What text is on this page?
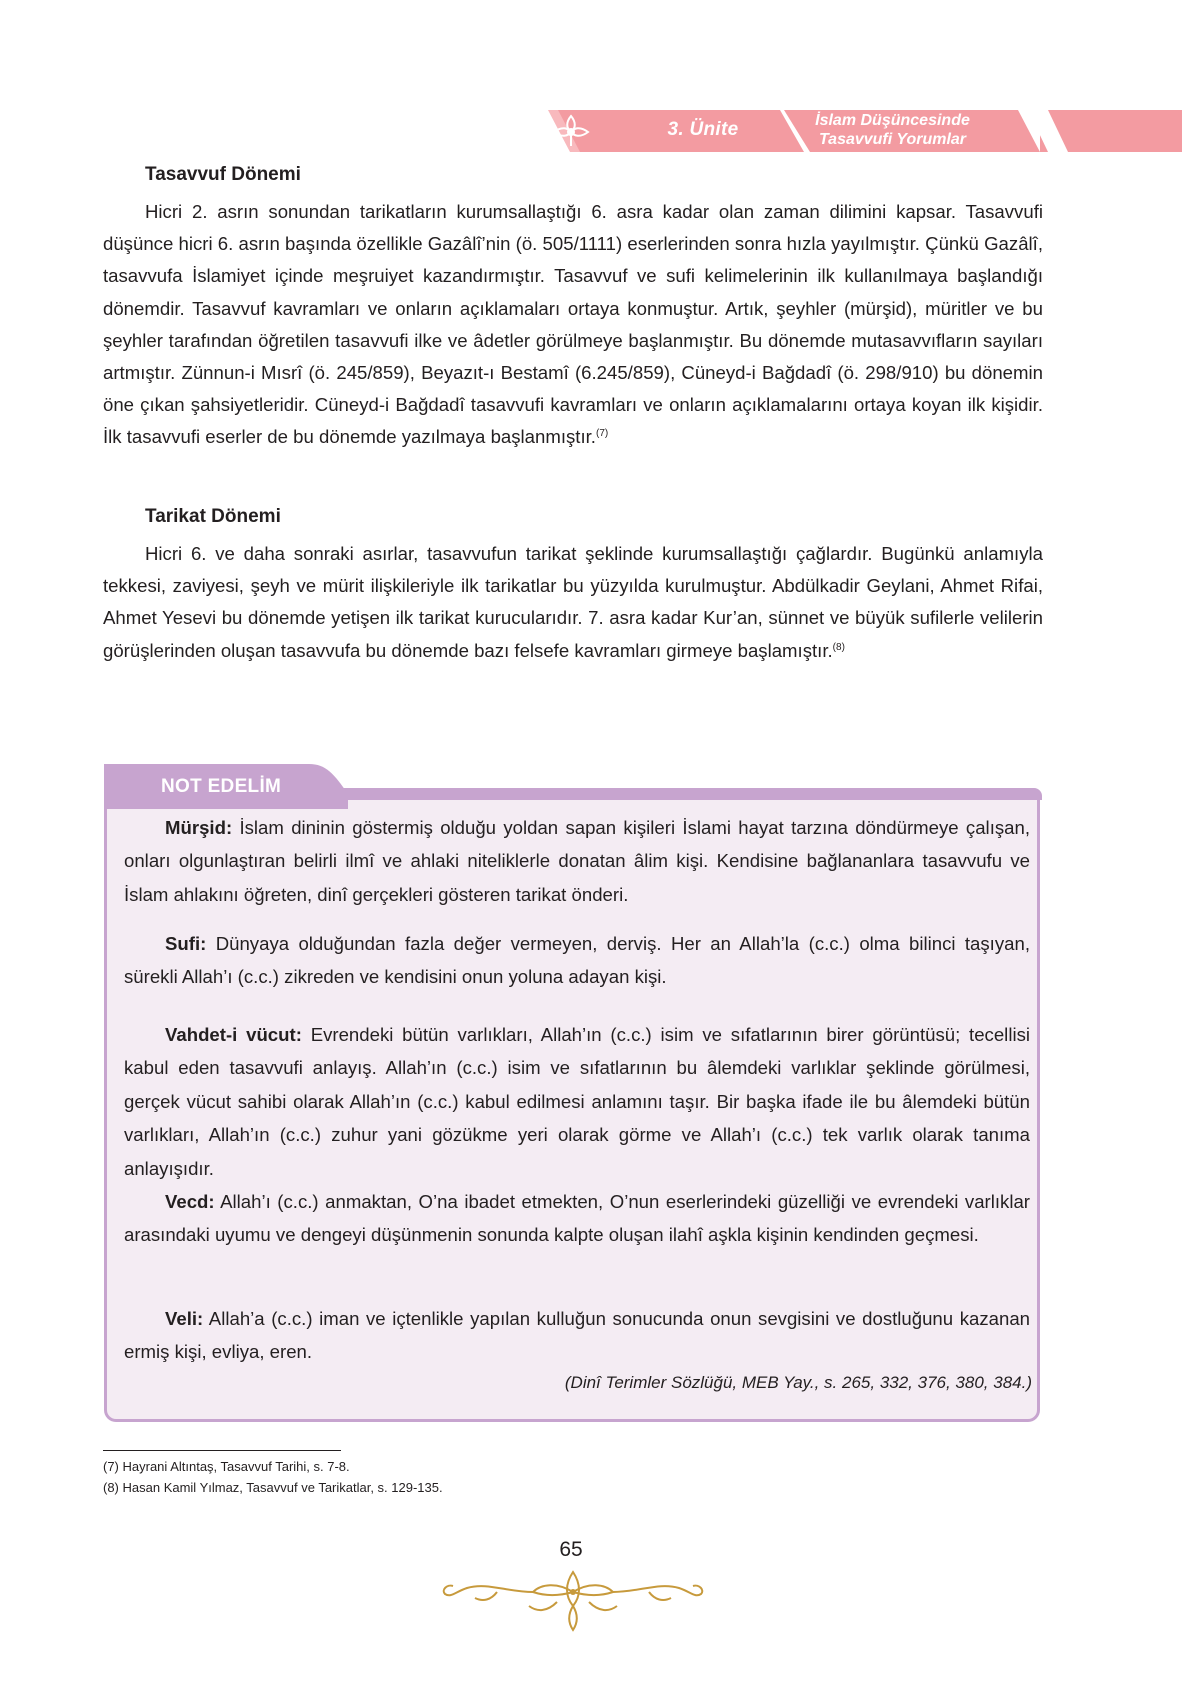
3. Ünite	İslam Düşüncesinde
Tasavvufi Yorumlar
Tasavvuf Dönemi

Hicri 2. asrın sonundan tarikatların kurumsallaştığı 6. asra kadar olan zaman dilimini kapsar. Tasavvufi düşünce hicri 6. asrın başında özellikle Gazâlî’nin (ö. 505/1111) eserlerinden sonra hızla yayılmıştır. Çünkü Gazâlî, tasavvufa İslamiyet içinde meşruiyet kazandırmıştır. Tasavvuf ve sufi kelimelerinin ilk kullanılmaya başlandığı dönemdir. Tasavvuf kavramları ve onların açıklamaları ortaya konmuştur. Artık, şeyhler (mürşid), müritler ve bu şeyhler tarafından öğretilen tasavvufi ilke ve âdetler görülmeye başlanmıştır. Bu dönemde mutasavvıfların sayıları artmıştır. Zünnun-i Mısrî (ö. 245/859), Beyazıt-ı Bestamî (6.245/859), Cüneyd-i Bağdadî (ö. 298/910) bu dönemin öne çıkan şahsiyetleridir. Cüneyd-i Bağdadî tasavvufi kavramları ve onların açıklamalarını ortaya koyan ilk kişidir. İlk tasavvufi eserler de bu dönemde yazılmaya başlanmıştır.$^{(7)}$

Tarikat Dönemi

Hicri 6. ve daha sonraki asırlar, tasavvufun tarikat şeklinde kurumsallaştığı çağlardır. Bugünkü anlamıyla tekkesi, zaviyesi, şeyh ve mürit ilişkileriyle ilk tarikatlar bu yüzyılda kurulmuştur. Abdülkadir Geylani, Ahmet Rifai, Ahmet Yesevi bu dönemde yetişen ilk tarikat kurucularıdır. 7. asra kadar Kur’an, sünnet ve büyük sufilerle velilerin görüşlerinden oluşan tasavvufa bu dönemde bazı felsefe kavramları girmeye başlamıştır.$^{(8)}$

NOT EDELİM

Mürşid: İslam dininin göstermiş olduğu yoldan sapan kişileri İslami hayat tarzına döndürmeye çalışan, onları olgunlaştıran belirli ilmî ve ahlaki niteliklerle donatan âlim kişi. Kendisine bağlananlara tasavvufu ve İslam ahlakını öğreten, dinî gerçekleri gösteren tarikat önderi.

Sufi: Dünyaya olduğundan fazla değer vermeyen, derviş. Her an Allah’la (c.c.) olma bilinci taşıyan, sürekli Allah’ı (c.c.) zikreden ve kendisini onun yoluna adayan kişi.

Vahdet-i vücut: Evrendeki bütün varlıkları, Allah’ın (c.c.) isim ve sıfatlarının birer görüntüsü; tecellisi kabul eden tasavvufi anlayış. Allah’ın (c.c.) isim ve sıfatlarının bu âlemdeki varlıklar şeklinde görülmesi, gerçek vücut sahibi olarak Allah’ın (c.c.) kabul edilmesi anlamını taşır. Bir başka ifade ile bu âlemdeki bütün varlıkları, Allah’ın (c.c.) zuhur yani gözükme yeri olarak görme ve Allah’ı (c.c.) tek varlık olarak tanıma anlayışıdır.

Vecd: Allah’ı (c.c.) anmaktan, O’na ibadet etmekten, O’nun eserlerindeki güzelliği ve evrendeki varlıklar arasındaki uyumu ve dengeyi düşünmenin sonunda kalpte oluşan ilahî aşkla kişinin kendinden geçmesi.

Veli: Allah’a (c.c.) iman ve içtenlikle yapılan kulluğun sonucunda onun sevgisini ve dostluğunu kazanan ermiş kişi, evliya, eren.

(Dinî Terimler Sözlüğü, MEB Yay., s. 265, 332, 376, 380, 384.)
(7) Hayrani Altıntaş, Tasavvuf Tarihi, s. 7-8.
(8) Hasan Kamil Yılmaz, Tasavvuf ve Tarikatlar, s. 129-135.
65
